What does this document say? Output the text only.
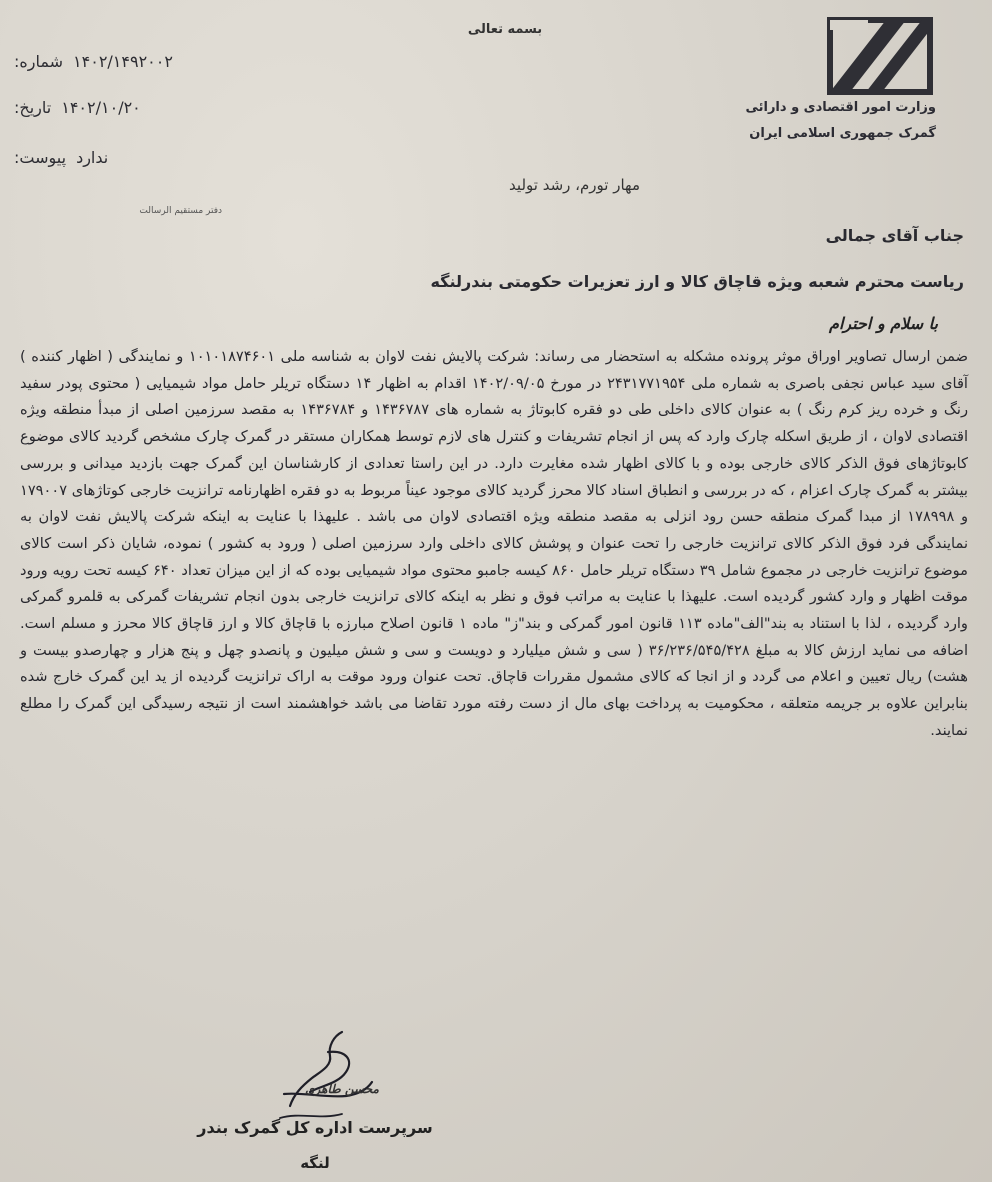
بسمه تعالی
وزارت امور اقتصادی و دارائی
گمرک جمهوری اسلامی ایران
شماره: ۱۴۰۲/۱۴۹۲۰۰۲
تاریخ: ۱۴۰۲/۱۰/۲۰
پیوست: ندارد
دفتر مستقیم الرسالت
مهار تورم، رشد تولید
جناب آقای جمالی
ریاست محترم شعبه ویژه قاچاق کالا و ارز تعزیرات حکومتی بندرلنگه
با سلام و احترام
ضمن ارسال تصاویر اوراق موثر پرونده مشکله به استحضار می رساند: شرکت پالایش نفت لاوان به شناسه ملی ۱۰۱۰۱۸۷۴۶۰۱ و نمایندگی ( اظهار کننده ) آقای سید عباس نجفی باصری به شماره ملی ۲۴۳۱۷۷۱۹۵۴ در مورخ ۱۴۰۲/۰۹/۰۵ اقدام به اظهار ۱۴ دستگاه تریلر حامل مواد شیمیایی ( محتوی پودر سفید رنگ و خرده ریز کرم رنگ ) به عنوان کالای داخلی طی دو فقره کابوتاژ به شماره های ۱۴۳۶۷۸۷ و ۱۴۳۶۷۸۴ به مقصد سرزمین اصلی از مبدأ منطقه ویژه اقتصادی لاوان ، از طریق اسکله چارک وارد که پس از انجام تشریفات و کنترل های لازم توسط همکاران مستقر در گمرک چارک مشخص گردید کالای موضوع کابوتاژهای فوق الذکر کالای خارجی بوده و با کالای اظهار شده مغایرت دارد. در این راستا تعدادی از کارشناسان این گمرک جهت بازدید میدانی و بررسی بیشتر به گمرک چارک اعزام ، که در بررسی و انطباق اسناد کالا محرز گردید کالای موجود عیناً مربوط به دو فقره اظهارنامه ترانزیت خارجی کوتاژهای ۱۷۹۰۰۷ و ۱۷۸۹۹۸ از مبدا گمرک منطقه حسن رود انزلی به مقصد منطقه ویژه اقتصادی لاوان می باشد . علیهذا با عنایت به اینکه شرکت پالایش نفت لاوان به نمایندگی فرد فوق الذکر کالای ترانزیت خارجی را تحت عنوان و پوشش کالای داخلی وارد سرزمین اصلی ( ورود به کشور ) نموده، شایان ذکر است کالای موضوع ترانزیت خارجی در مجموع شامل ۳۹ دستگاه تریلر حامل ۸۶۰ کیسه جامبو محتوی مواد شیمیایی بوده که از این میزان تعداد ۶۴۰ کیسه تحت رویه ورود موقت اظهار و وارد کشور گردیده است. علیهذا با عنایت به مراتب فوق و نظر به اینکه کالای ترانزیت خارجی بدون انجام تشریفات گمرکی به قلمرو گمرکی وارد گردیده ، لذا با استناد به بند"الف"ماده ۱۱۳ قانون امور گمرکی و بند"ز" ماده ۱ قانون اصلاح مبارزه با قاچاق کالا و ارز قاچاق کالا محرز و مسلم است. اضافه می نماید ارزش کالا به مبلغ ۳۶/۲۳۶/۵۴۵/۴۲۸ ( سی و شش میلیارد و دویست و سی و شش میلیون و پانصدو چهل و پنج هزار و چهارصدو بیست و هشت) ریال تعیین و اعلام می گردد و از انجا که کالای مشمول مقررات قاچاق. تحت عنوان ورود موقت به اراک ترانزیت گردیده از ید این گمرک خارج شده بنابراین علاوه بر جریمه متعلقه ، محکومیت به پرداخت بهای مال از دست رفته مورد تقاضا می باشد خواهشمند است از نتیجه رسیدگی این گمرک را مطلع نمایند.
محسن طاهری
سرپرست اداره کل گمرک بندر
لنگه
